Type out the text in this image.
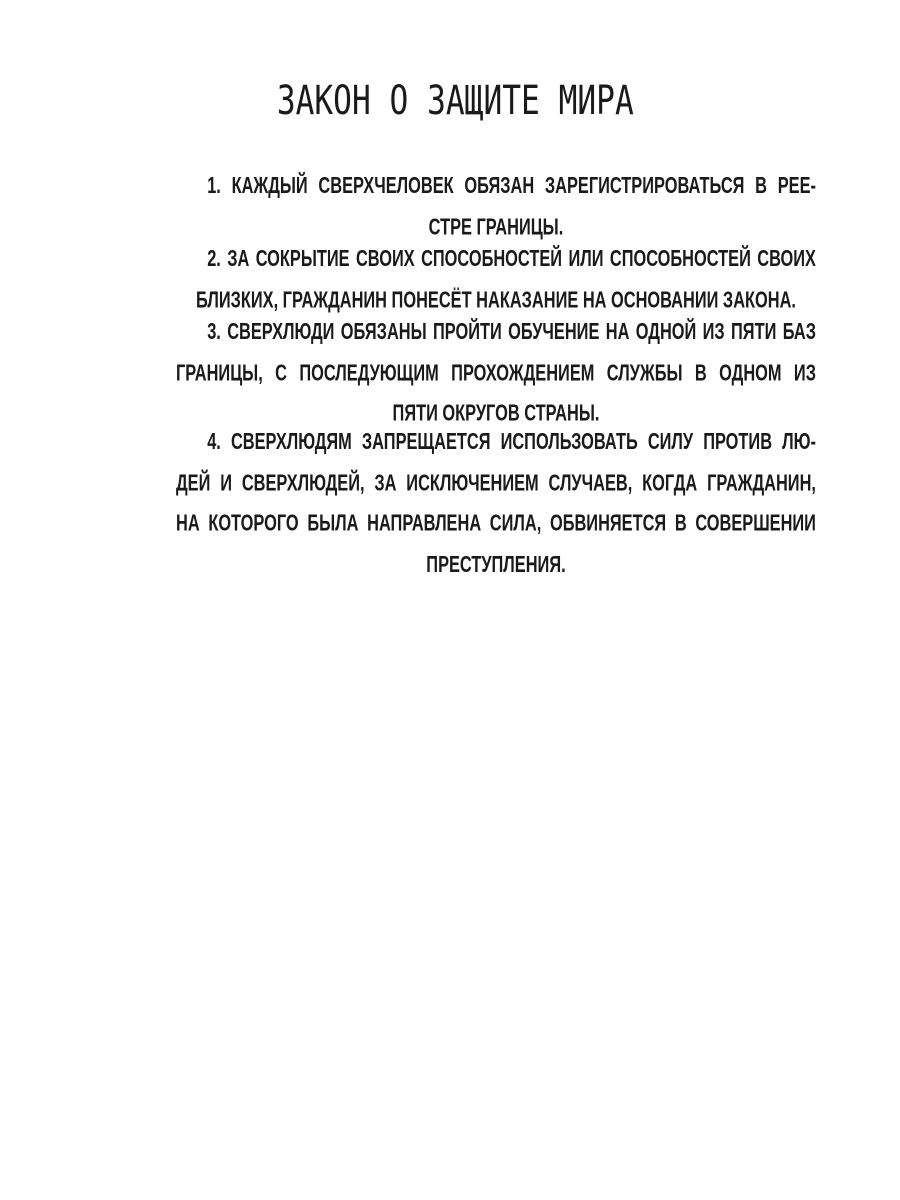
ЗАКОН О ЗАЩИТЕ МИРА
1. КАЖДЫЙ СВЕРХЧЕЛОВЕК ОБЯЗАН ЗАРЕГИСТРИРОВАТЬСЯ В РЕЕ-
СТРЕ ГРАНИЦЫ.
2. ЗА СОКРЫТИЕ СВОИХ СПОСОБНОСТЕЙ ИЛИ СПОСОБНОСТЕЙ СВОИХ
БЛИЗКИХ, ГРАЖДАНИН ПОНЕСЁТ НАКАЗАНИЕ НА ОСНОВАНИИ ЗАКОНА.
3. СВЕРХЛЮДИ ОБЯЗАНЫ ПРОЙТИ ОБУЧЕНИЕ НА ОДНОЙ ИЗ ПЯТИ БАЗ
ГРАНИЦЫ, С ПОСЛЕДУЮЩИМ ПРОХОЖДЕНИЕМ СЛУЖБЫ В ОДНОМ ИЗ
ПЯТИ ОКРУГОВ СТРАНЫ.
4. СВЕРХЛЮДЯМ ЗАПРЕЩАЕТСЯ ИСПОЛЬЗОВАТЬ СИЛУ ПРОТИВ ЛЮ-
ДЕЙ И СВЕРХЛЮДЕЙ, ЗА ИСКЛЮЧЕНИЕМ СЛУЧАЕВ, КОГДА ГРАЖДАНИН,
НА КОТОРОГО БЫЛА НАПРАВЛЕНА СИЛА, ОБВИНЯЕТСЯ В СОВЕРШЕНИИ
ПРЕСТУПЛЕНИЯ.
